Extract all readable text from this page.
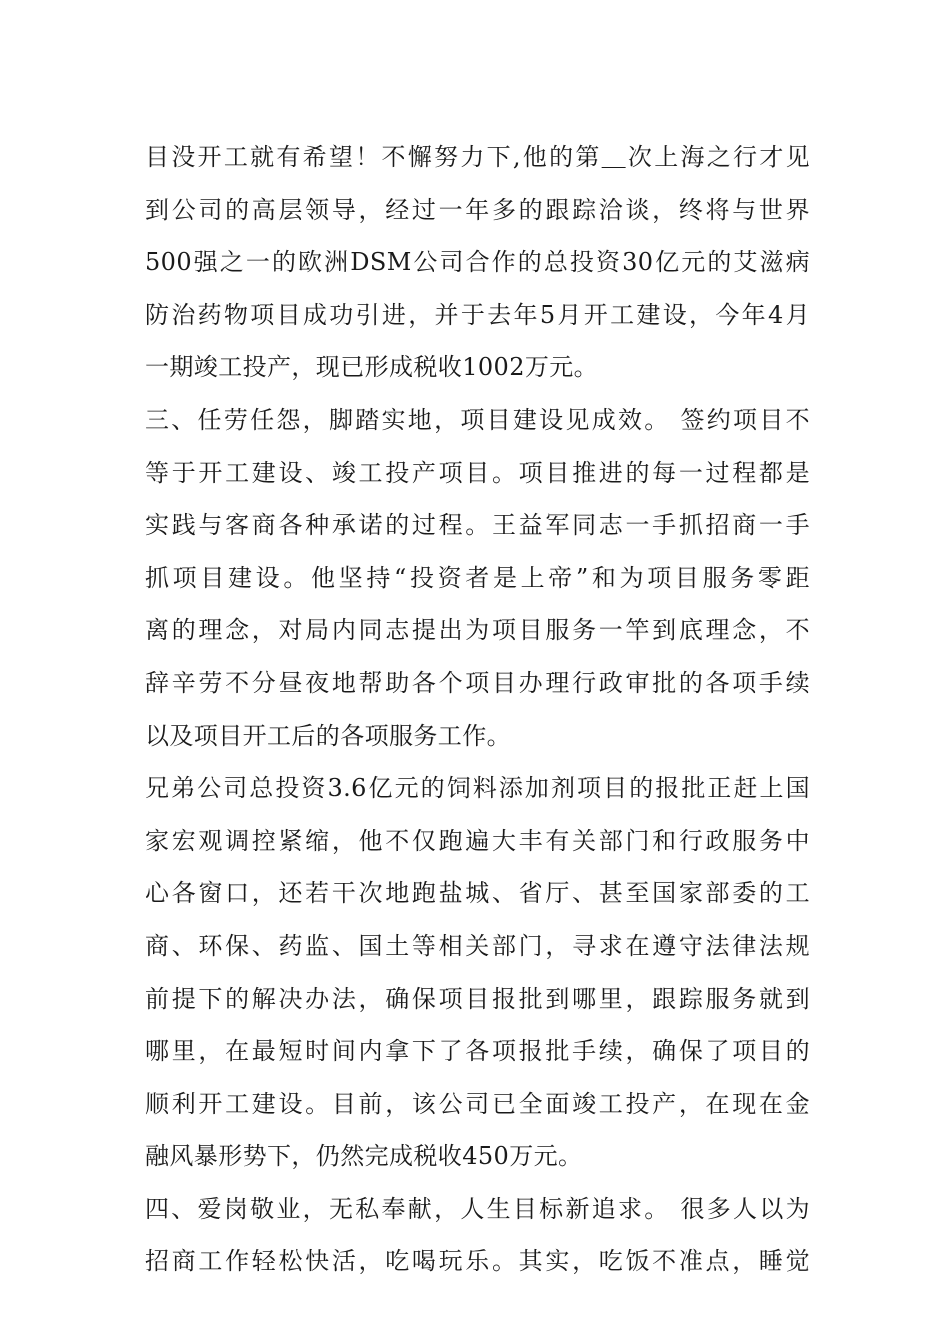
目没开工就有希望！不懈努力下,他的第＿次上海之行才见
到公司的高层领导，经过一年多的跟踪洽谈，终将与世界
500强之一的欧洲DSM公司合作的总投资30亿元的艾滋病
防治药物项目成功引进，并于去年5月开工建设，今年4月
一期竣工投产，现已形成税收1002万元。
三、任劳任怨，脚踏实地，项目建设见成效。 签约项目不
等于开工建设、竣工投产项目。项目推进的每一过程都是
实践与客商各种承诺的过程。王益军同志一手抓招商一手
抓项目建设。他坚持“投资者是上帝”和为项目服务零距
离的理念，对局内同志提出为项目服务一竿到底理念，不
辞辛劳不分昼夜地帮助各个项目办理行政审批的各项手续
以及项目开工后的各项服务工作。
兄弟公司总投资3.6亿元的饲料添加剂项目的报批正赶上国
家宏观调控紧缩，他不仅跑遍大丰有关部门和行政服务中
心各窗口，还若干次地跑盐城、省厅、甚至国家部委的工
商、环保、药监、国土等相关部门，寻求在遵守法律法规
前提下的解决办法，确保项目报批到哪里，跟踪服务就到
哪里，在最短时间内拿下了各项报批手续，确保了项目的
顺利开工建设。目前，该公司已全面竣工投产，在现在金
融风暴形势下，仍然完成税收450万元。
四、爱岗敬业，无私奉献，人生目标新追求。 很多人以为
招商工作轻松快活，吃喝玩乐。其实，吃饭不准点，睡觉
